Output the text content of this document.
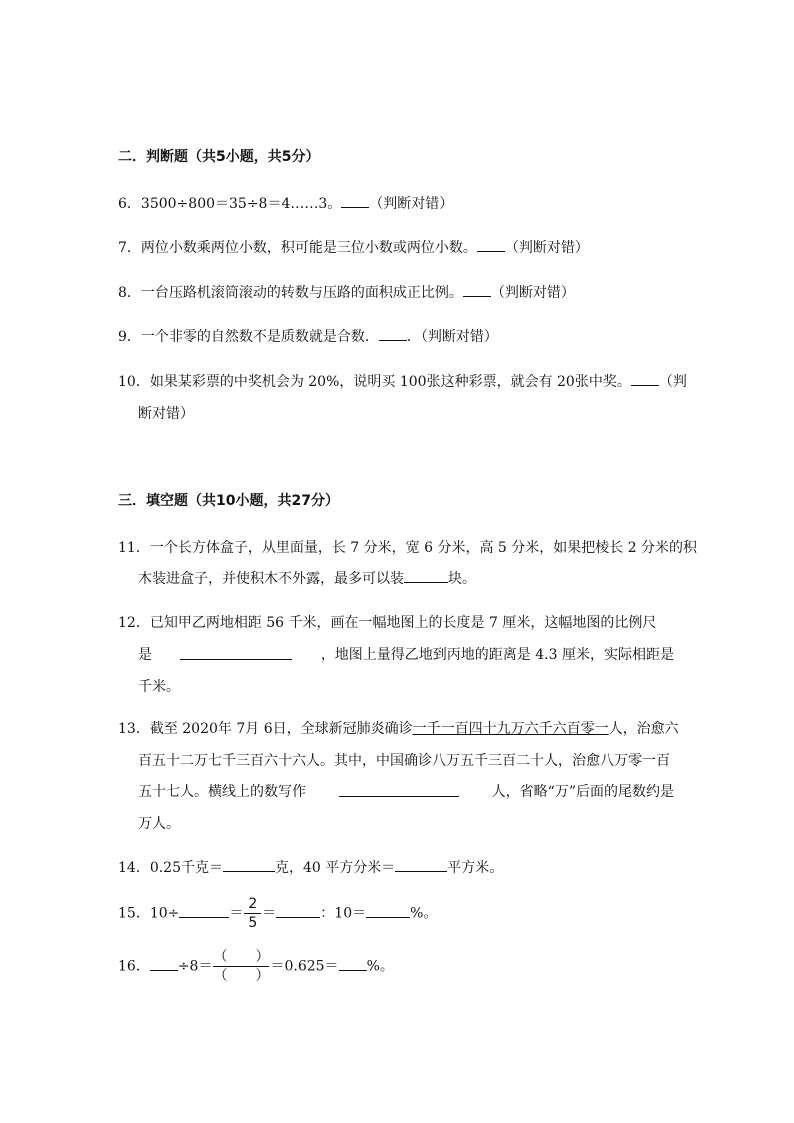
二．判断题（共5小题，共5分）
6．3500÷800＝35÷8＝4……3。 （判断对错）
7．两位小数乘两位小数，积可能是三位小数或两位小数。 （判断对错）
8．一台压路机滚筒滚动的转数与压路的面积成正比例。 （判断对错）
9．一个非零的自然数不是质数就是合数． ．（判断对错）
10．如果某彩票的中奖机会为 20%，说明买 100张这种彩票，就会有 20张中奖。 （判
断对错）
三．填空题（共10小题，共27分）
11．一个长方体盒子，从里面量，长 7 分米，宽 6 分米，高 5 分米，如果把棱长 2 分米的积
木装进盒子，并使积木不外露，最多可以装	块。
12．已知甲乙两地相距 56 千米，画在一幅地图上的长度是 7 厘米，这幅地图的比例尺
是	，地图上量得乙地到丙地的距离是 4.3 厘米，实际相距是
千米。
13．截至 2020年 7月 6日，全球新冠肺炎确诊一千一百四十九万六千六百零一人，治愈六
百五十二万七千三百六十六人。其中，中国确诊八万五千三百二十人，治愈八万零一百
五十七人。横线上的数写作	人，省略“万”后面的尾数约是
万人。
14．0.25千克＝	克，40 平方分米＝	平方米。
15．10÷	＝ $\frac{2}{5}$ ＝	：10＝	%。
16． ÷8＝
（　　）
（　　）
＝0.625＝ %。
